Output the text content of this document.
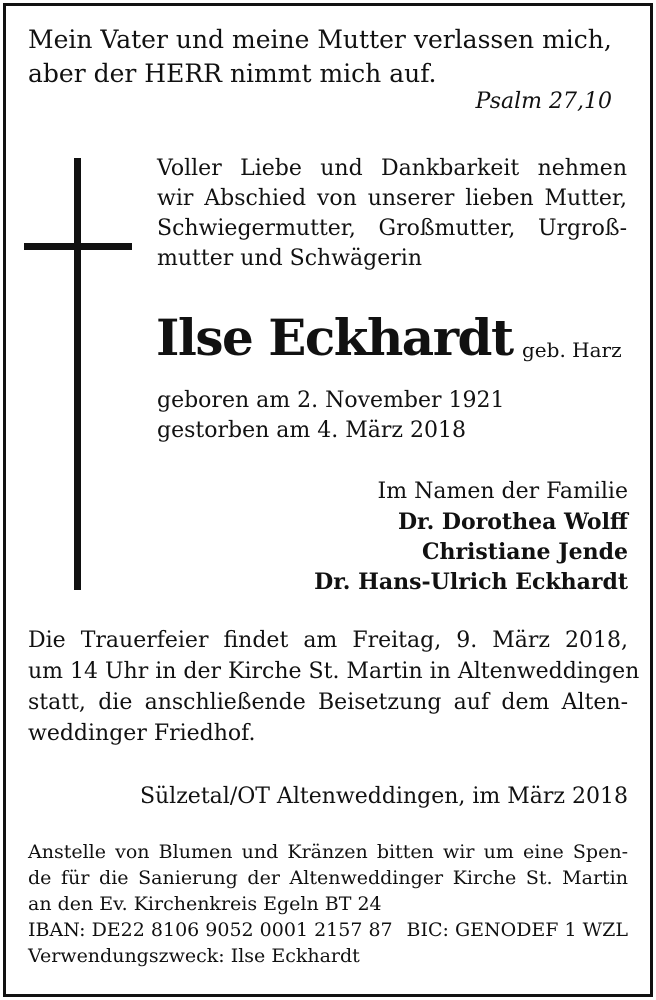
Mein Vater und meine Mutter verlassen mich,
aber der HERR nimmt mich auf.
Psalm 27,10
Voller Liebe und Dankbarkeit nehmen
wir Abschied von unserer lieben Mutter,
Schwiegermutter, Großmutter, Urgroß-
mutter und Schwägerin
Ilse Eckhardt geb. Harz
geboren am 2. November 1921
gestorben am 4. März 2018
Im Namen der Familie
Dr. Dorothea Wolff
Christiane Jende
Dr. Hans-Ulrich Eckhardt
Die Trauerfeier findet am Freitag, 9. März 2018,
um 14 Uhr in der Kirche St. Martin in Altenweddingen
statt, die anschließende Beisetzung auf dem Alten-
weddinger Friedhof.
Sülzetal/OT Altenweddingen, im März 2018
Anstelle von Blumen und Kränzen bitten wir um eine Spen-
de für die Sanierung der Altenweddinger Kirche St. Martin
an den Ev. Kirchenkreis Egeln BT 24
IBAN: DE22 8106 9052 0001 2157 87 BIC: GENODEF 1 WZL
Verwendungszweck: Ilse Eckhardt
